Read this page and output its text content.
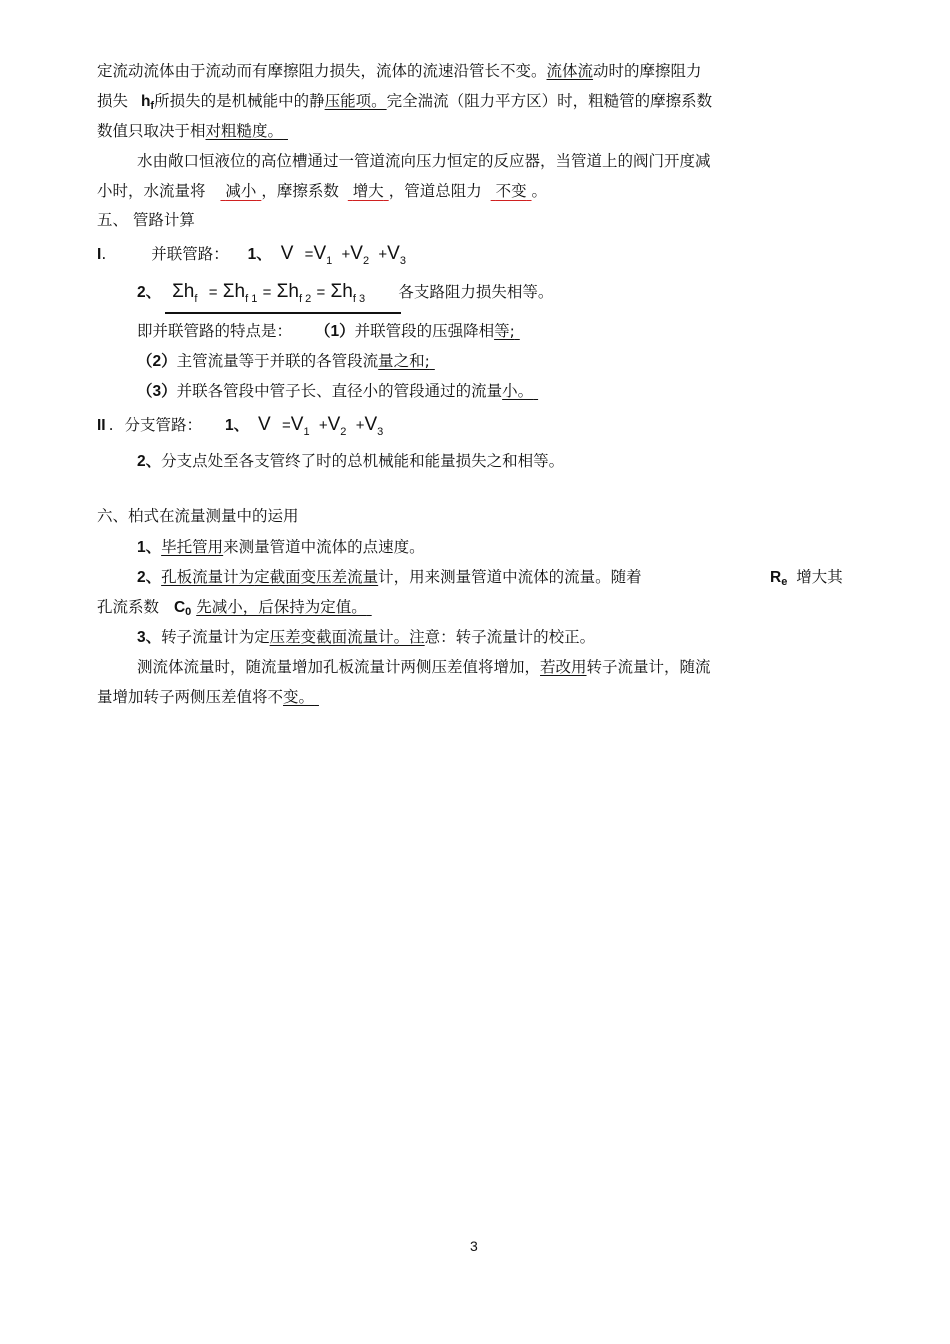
定流动流体由于流动而有摩擦阻力损失，流体的流速沿管长不变。流体流动时的摩擦阻力
损失 $h_f$所损失的是机械能中的静压能项。完全湍流（阻力平方区）时，粗糙管的摩擦系数
数值只取决于相对粗糙度。
水由敞口恒液位的高位槽通过一管道流向压力恒定的反应器，当管道上的阀门开度减
小时，水流量将 减小 ，摩擦系数 增大 ，管道总阻力 不变 。
五、 管路计算
I.	并联管路： 1、 $V =V_1 +V_2 +V_3$
2、 $\Sigma h_f = \Sigma h_{f 1} = \Sigma h_{f 2} = \Sigma h_{f 3}$ 各支路阻力损失相等。
即并联管路的特点是： （1）并联管段的压强降相等;
（2）主管流量等于并联的各管段流量之和;
（3）并联各管段中管子长、直径小的管段通过的流量小。
II . 分支管路： 1、 $V =V_1 +V_2 +V_3$
2、分支点处至各支管终了时的总机械能和能量损失之和相等。
六、柏式在流量测量中的运用
1、毕托管用来测量管道中流体的点速度。
2、孔板流量计为定截面变压差流量计，用来测量管道中流体的流量。随着	$R_e$ 增大其
孔流系数 $C_0$ 先减小，后保持为定值。
3、转子流量计为定压差变截面流量计。注意：转子流量计的校正。
测流体流量时，随流量增加孔板流量计两侧压差值将增加，若改用转子流量计，随流
量增加转子两侧压差值将不变。
3
